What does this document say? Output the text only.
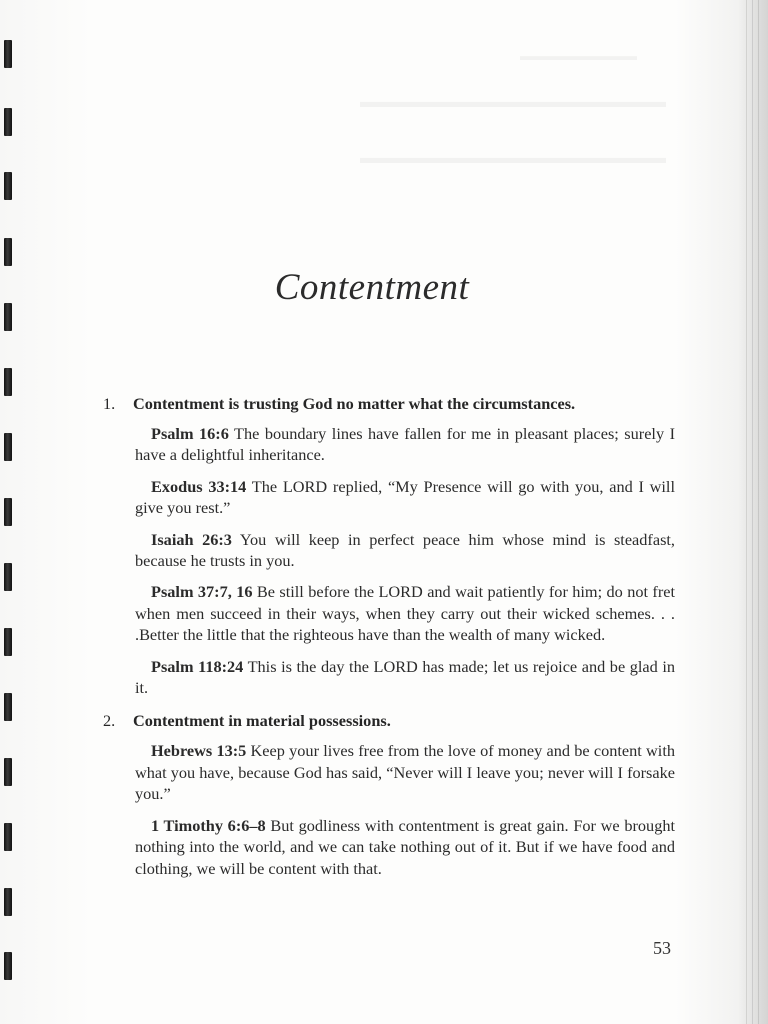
Contentment
1.	Contentment is trusting God no matter what the circumstances.

Psalm 16:6 The boundary lines have fallen for me in pleasant places; surely I have a delightful inheritance.

Exodus 33:14 The LORD replied, “My Presence will go with you, and I will give you rest.”

Isaiah 26:3 You will keep in perfect peace him whose mind is steadfast, because he trusts in you.

Psalm 37:7, 16 Be still before the LORD and wait patiently for him; do not fret when men succeed in their ways, when they carry out their wicked schemes. . . .Better the little that the righteous have than the wealth of many wicked.

Psalm 118:24 This is the day the LORD has made; let us rejoice and be glad in it.

2.	Contentment in material possessions.

Hebrews 13:5 Keep your lives free from the love of money and be content with what you have, because God has said, “Never will I leave you; never will I forsake you.”

1 Timothy 6:6–8 But godliness with contentment is great gain. For we brought nothing into the world, and we can take nothing out of it. But if we have food and clothing, we will be content with that.

53
